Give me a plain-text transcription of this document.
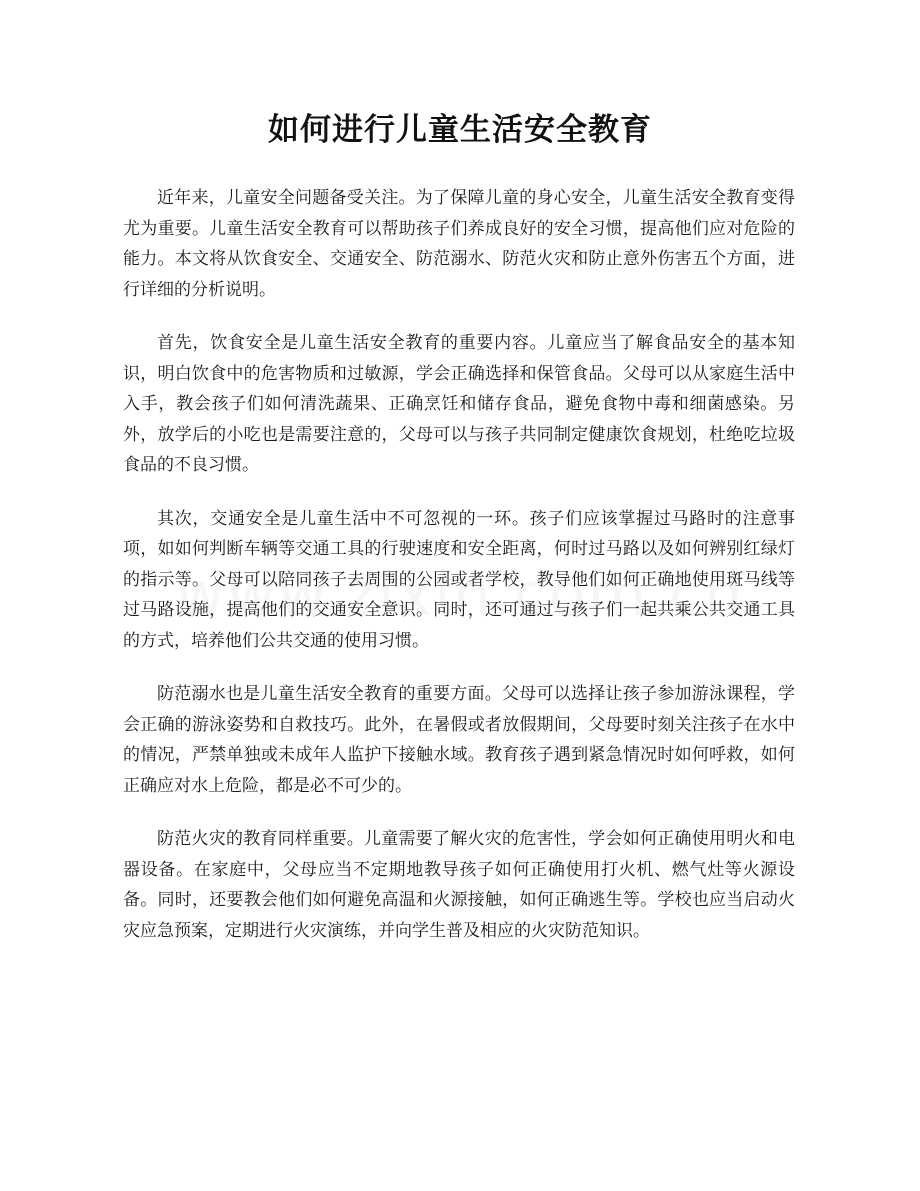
如何进行儿童生活安全教育

近年来，儿童安全问题备受关注。为了保障儿童的身心安全，儿童生活安全教育变得尤为重要。儿童生活安全教育可以帮助孩子们养成良好的安全习惯，提高他们应对危险的能力。本文将从饮食安全、交通安全、防范溺水、防范火灾和防止意外伤害五个方面，进行详细的分析说明。

首先，饮食安全是儿童生活安全教育的重要内容。儿童应当了解食品安全的基本知识，明白饮食中的危害物质和过敏源，学会正确选择和保管食品。父母可以从家庭生活中入手，教会孩子们如何清洗蔬果、正确烹饪和储存食品，避免食物中毒和细菌感染。另外，放学后的小吃也是需要注意的，父母可以与孩子共同制定健康饮食规划，杜绝吃垃圾食品的不良习惯。

其次，交通安全是儿童生活中不可忽视的一环。孩子们应该掌握过马路时的注意事项，如如何判断车辆等交通工具的行驶速度和安全距离，何时过马路以及如何辨别红绿灯的指示等。父母可以陪同孩子去周围的公园或者学校，教导他们如何正确地使用斑马线等过马路设施，提高他们的交通安全意识。同时，还可通过与孩子们一起共乘公共交通工具的方式，培养他们公共交通的使用习惯。

防范溺水也是儿童生活安全教育的重要方面。父母可以选择让孩子参加游泳课程，学会正确的游泳姿势和自救技巧。此外，在暑假或者放假期间，父母要时刻关注孩子在水中的情况，严禁单独或未成年人监护下接触水域。教育孩子遇到紧急情况时如何呼救，如何正确应对水上危险，都是必不可少的。

防范火灾的教育同样重要。儿童需要了解火灾的危害性，学会如何正确使用明火和电器设备。在家庭中，父母应当不定期地教导孩子如何正确使用打火机、燃气灶等火源设备。同时，还要教会他们如何避免高温和火源接触，如何正确逃生等。学校也应当启动火灾应急预案，定期进行火灾演练，并向学生普及相应的火灾防范知识。
